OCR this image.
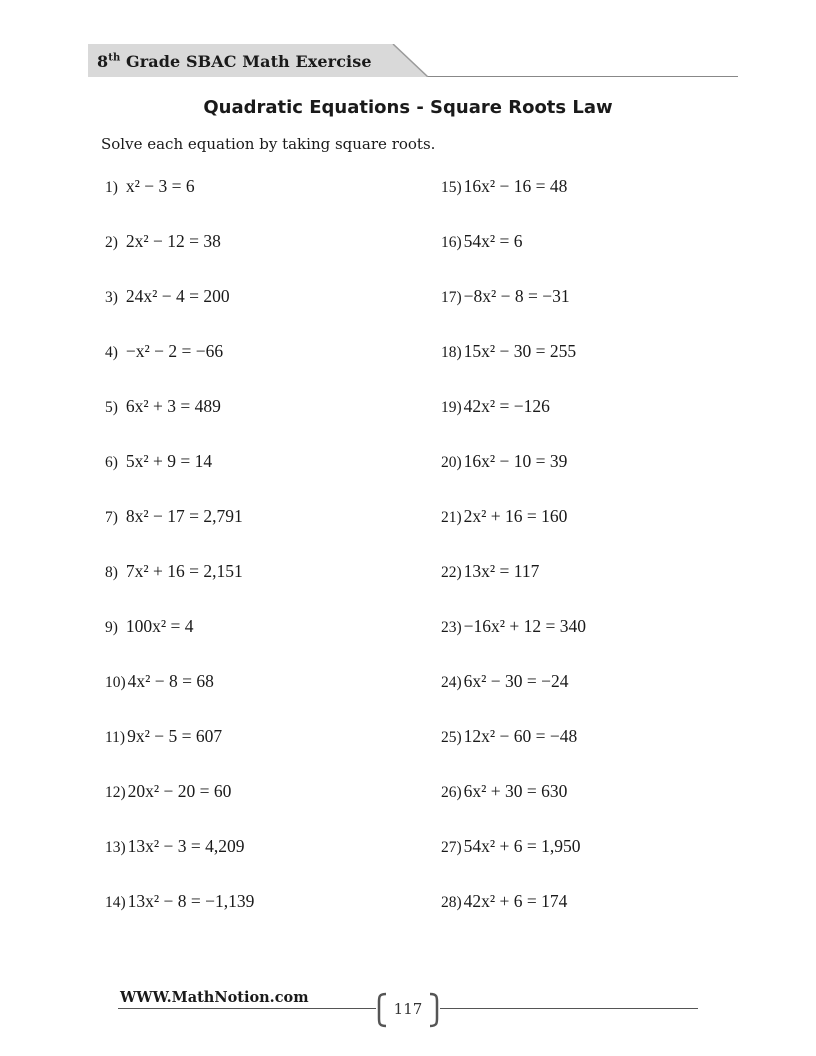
8th Grade SBAC Math Exercise
Quadratic Equations - Square Roots Law
Solve each equation by taking square roots.
1) x² − 3 = 6
2) 2x² − 12 = 38
3) 24x² − 4 = 200
4) −x² − 2 = −66
5) 6x² + 3 = 489
6) 5x² + 9 = 14
7) 8x² − 17 = 2,791
8) 7x² + 16 = 2,151
9) 100x² = 4
10) 4x² − 8 = 68
11) 9x² − 5 = 607
12) 20x² − 20 = 60
13) 13x² − 3 = 4,209
14) 13x² − 8 = −1,139
15) 16x² − 16 = 48
16) 54x² = 6
17) −8x² − 8 = −31
18) 15x² − 30 = 255
19) 42x² = −126
20) 16x² − 10 = 39
21) 2x² + 16 = 160
22) 13x² = 117
23) −16x² + 12 = 340
24) 6x² − 30 = −24
25) 12x² − 60 = −48
26) 6x² + 30 = 630
27) 54x² + 6 = 1,950
28) 42x² + 6 = 174
WWW.MathNotion.com
117
